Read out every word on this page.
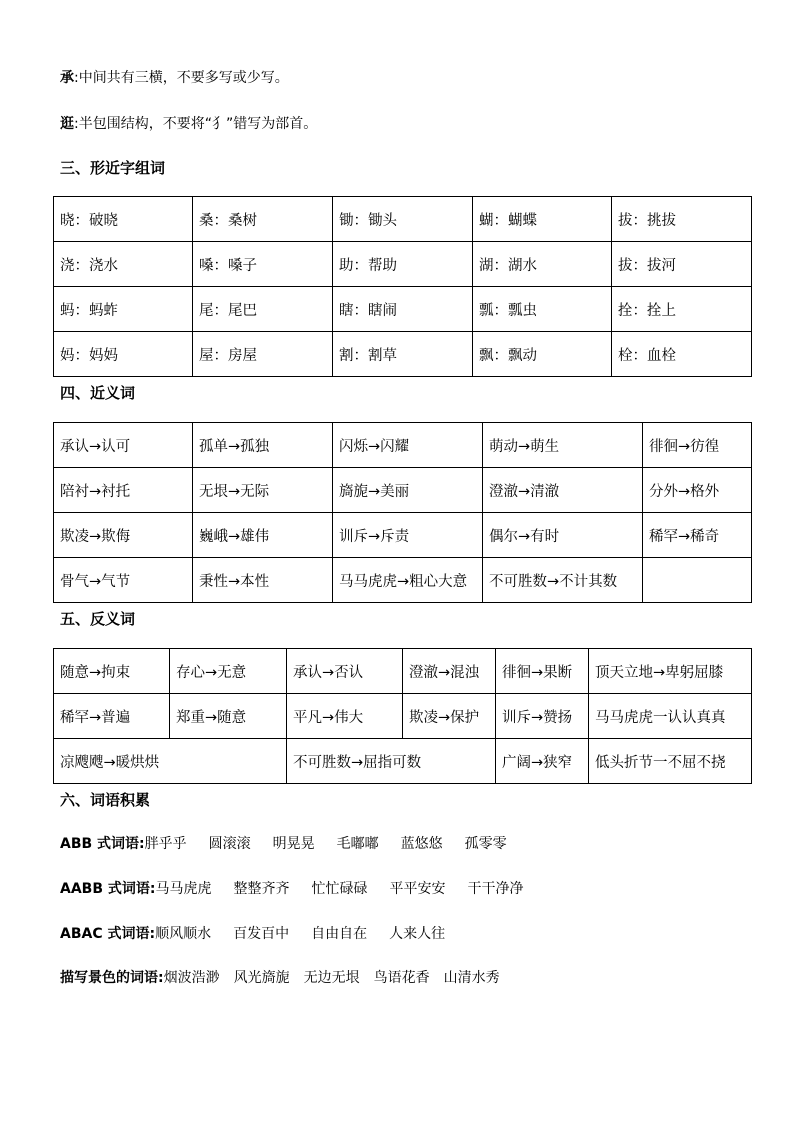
承:中间共有三横，不要多写或少写。
逛:半包围结构，不要将“犭”错写为部首。
三、形近字组词
晓：破晓	桑：桑树	锄：锄头	蝴：蝴蝶	拔：挑拔
浇：浇水	嗓：嗓子	助：帮助	湖：湖水	拔：拔河
蚂：蚂蚱	尾：尾巴	瞎：瞎闹	瓢：瓢虫	拴：拴上
妈：妈妈	屋：房屋	割：割草	飘：飘动	栓：血栓
四、近义词
承认→认可	孤单→孤独	闪烁→闪耀	萌动→萌生	徘徊→彷徨
陪衬→衬托	无垠→无际	旖旎→美丽	澄澈→清澈	分外→格外
欺凌→欺侮	巍峨→雄伟	训斥→斥责	偶尔→有时	稀罕→稀奇
骨气→气节	秉性→本性	马马虎虎→粗心大意	不可胜数→不计其数	
五、反义词
随意→拘束	存心→无意	承认→否认	澄澈→混浊	徘徊→果断	顶天立地→卑躬屈膝
稀罕→普遍	郑重→随意	平凡→伟大	欺凌→保护	训斥→赞扬	马马虎虎一认认真真
凉飕飕→暖烘烘		不可胜数→屈指可数		广阔→狭窄	低头折节一不屈不挠
六、词语积累
ABB 式词语:胖乎乎 圆滚滚 明晃晃 毛嘟嘟 蓝悠悠 孤零零
AABB 式词语:马马虎虎 整整齐齐 忙忙碌碌 平平安安 干干净净
ABAC 式词语:顺风顺水 百发百中 自由自在 人来人往
描写景色的词语:烟波浩渺 风光旖旎 无边无垠 鸟语花香 山清水秀
